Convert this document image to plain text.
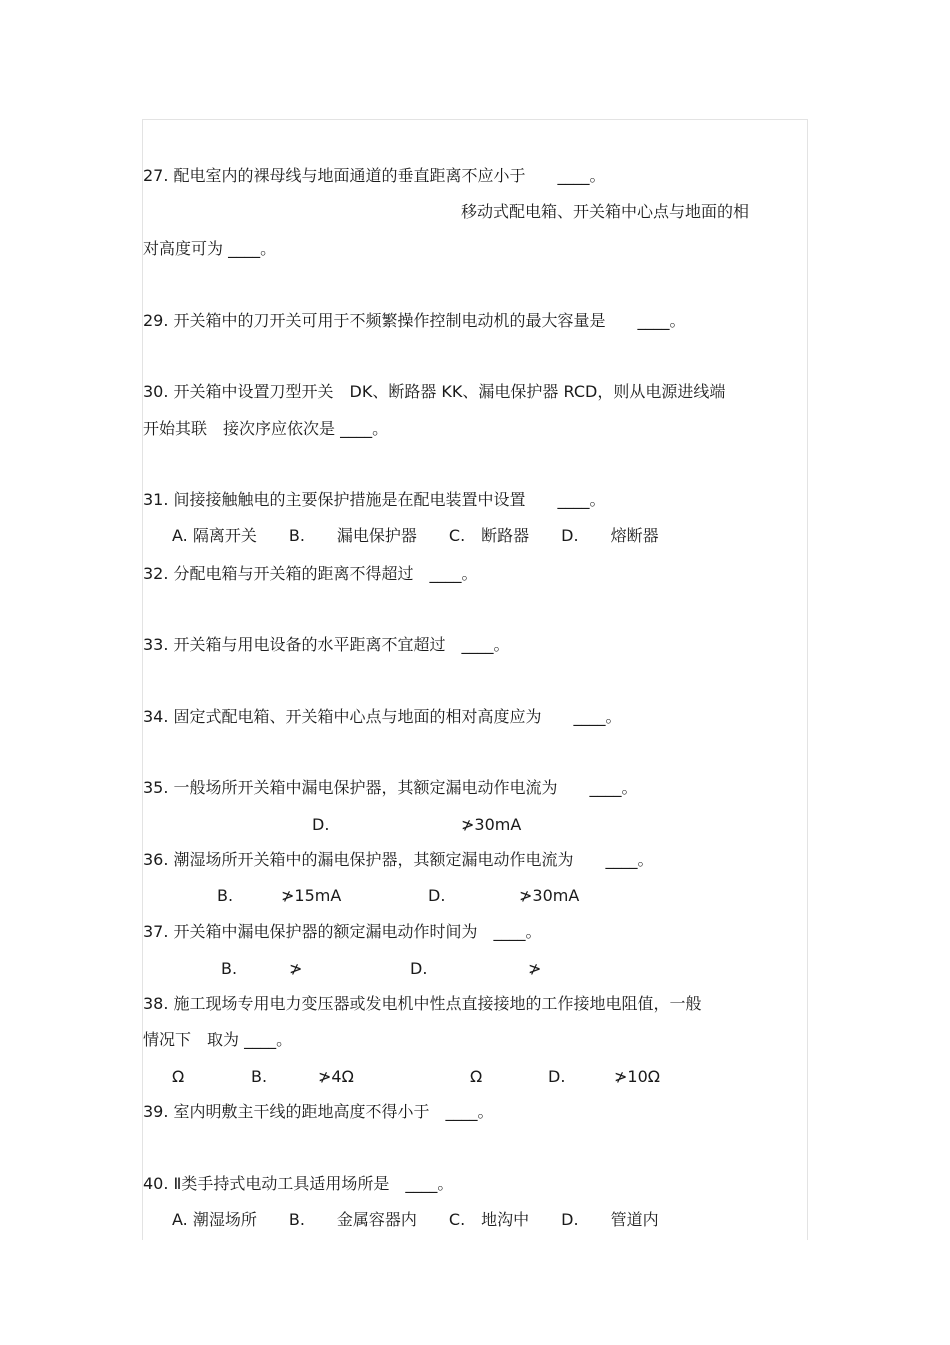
27. 配电室内的裸母线与地面通道的垂直距离不应小于　　____。
移动式配电箱、开关箱中心点与地面的相
对高度可为 ____。
29. 开关箱中的刀开关可用于不频繁操作控制电动机的最大容量是　　____。
30. 开关箱中设置刀型开关　DK、断路器 KK、漏电保护器 RCD，则从电源进线端
开始其联　接次序应依次是 ____。
31. 间接接触触电的主要保护措施是在配电装置中设置　　____。
A. 隔离开关　　B.　　漏电保护器　　C.　断路器　　D.　　熔断器
32. 分配电箱与开关箱的距离不得超过　____。
33. 开关箱与用电设备的水平距离不宜超过　____。
34. 固定式配电箱、开关箱中心点与地面的相对高度应为　　____。
35. 一般场所开关箱中漏电保护器，其额定漏电动作电流为　　____。
D.	≯30mA
36. 潮湿场所开关箱中的漏电保护器，其额定漏电动作电流为　　____。
B.	≯15mA	D.	≯30mA
37. 开关箱中漏电保护器的额定漏电动作时间为　____。
B.	≯	D.	≯
38. 施工现场专用电力变压器或发电机中性点直接接地的工作接地电阻值，一般
情况下　取为 ____。
Ω	B.	≯4Ω	Ω	D.	≯10Ω
39. 室内明敷主干线的距地高度不得小于　____。
40. Ⅱ类手持式电动工具适用场所是　____。
A. 潮湿场所　　B.　　金属容器内　　C.　地沟中　　D.　　管道内
